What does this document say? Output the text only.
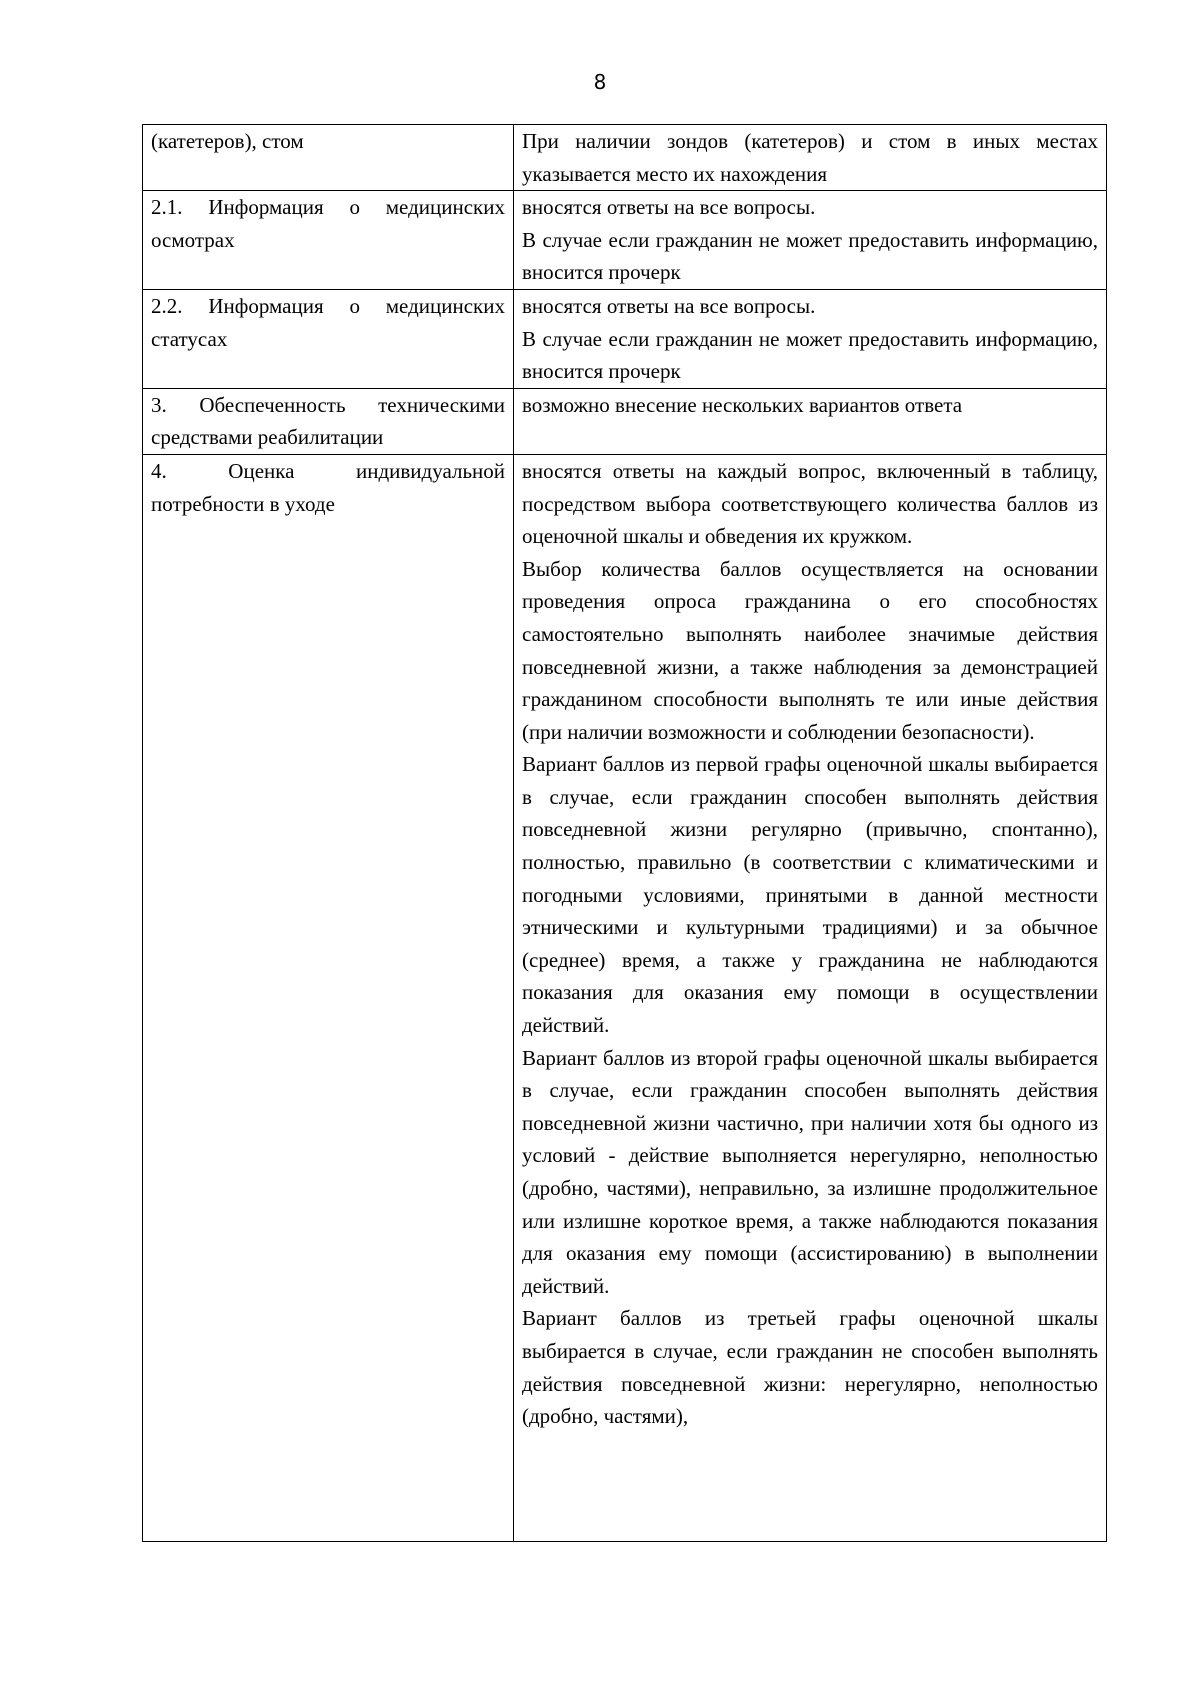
8
(катетеров), стом	При наличии зондов (катетеров) и стом в иных местах указывается место их нахождения

2.1. Информация о медицинских осмотрах	вносятся ответы на все вопросы.
В случае если гражданин не может предоставить информацию, вносится прочерк

2.2. Информация о медицинских статусах	вносятся ответы на все вопросы.
В случае если гражданин не может предоставить информацию, вносится прочерк

3. Обеспеченность техническими средствами реабилитации	возможно внесение нескольких вариантов ответа

4. Оценка индивидуальной потребности в уходе	вносятся ответы на каждый вопрос, включенный в таблицу, посредством выбора соответствующего количества баллов из оценочной шкалы и обведения их кружком.
Выбор количества баллов осуществляется на основании проведения опроса гражданина о его способностях самостоятельно выполнять наиболее значимые действия повседневной жизни, а также наблюдения за демонстрацией гражданином способности выполнять те или иные действия (при наличии возможности и соблюдении безопасности).
Вариант баллов из первой графы оценочной шкалы выбирается в случае, если гражданин способен выполнять действия повседневной жизни регулярно (привычно, спонтанно), полностью, правильно (в соответствии с климатическими и погодными условиями, принятыми в данной местности этническими и культурными традициями) и за обычное (среднее) время, а также у гражданина не наблюдаются показания для оказания ему помощи в осуществлении действий.
Вариант баллов из второй графы оценочной шкалы выбирается в случае, если гражданин способен выполнять действия повседневной жизни частично, при наличии хотя бы одного из условий - действие выполняется нерегулярно, неполностью (дробно, частями), неправильно, за излишне продолжительное или излишне короткое время, а также наблюдаются показания для оказания ему помощи (ассистированию) в выполнении действий.
Вариант баллов из третьей графы оценочной шкалы выбирается в случае, если гражданин не способен выполнять действия повседневной жизни: нерегулярно, неполностью (дробно, частями),
